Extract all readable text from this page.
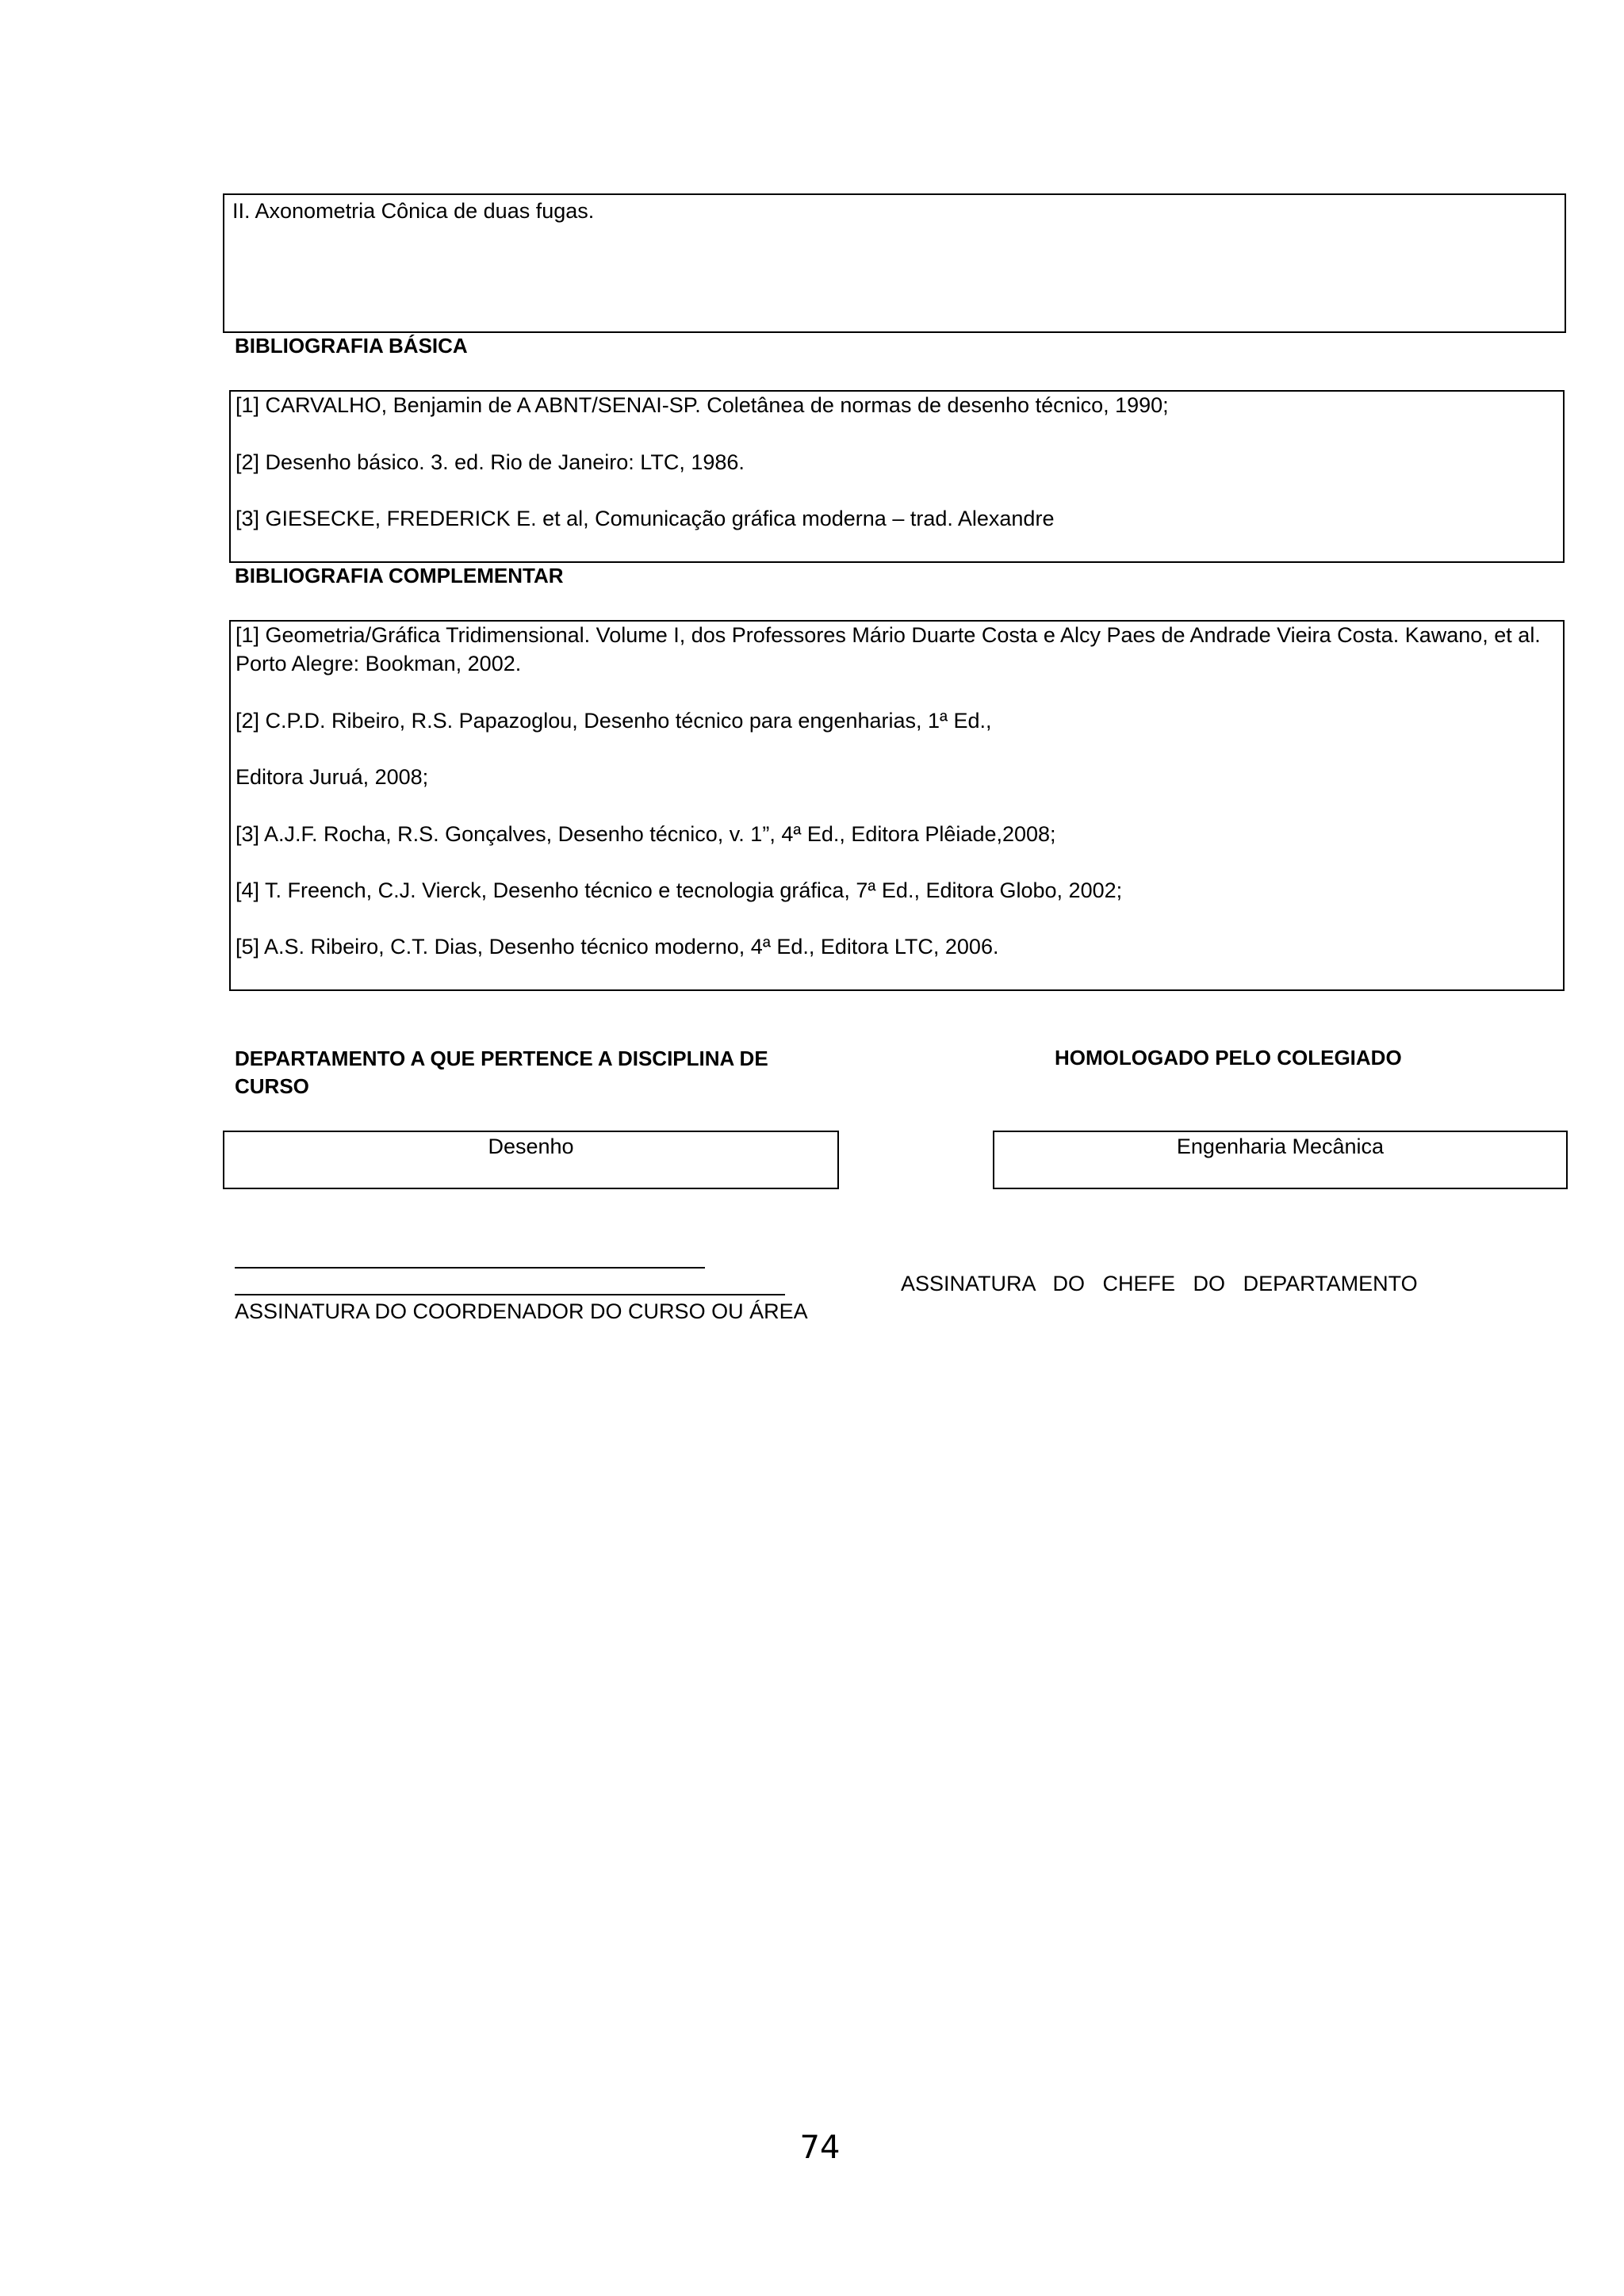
II. Axonometria Cônica de duas fugas.
BIBLIOGRAFIA BÁSICA
[1] CARVALHO, Benjamin de A ABNT/SENAI-SP. Coletânea de normas de desenho técnico, 1990;
[2] Desenho básico. 3. ed. Rio de Janeiro: LTC, 1986.
[3] GIESECKE, FREDERICK E. et al, Comunicação gráfica moderna – trad. Alexandre
BIBLIOGRAFIA COMPLEMENTAR
[1] Geometria/Gráfica Tridimensional. Volume I, dos Professores Mário Duarte Costa e Alcy Paes de Andrade Vieira Costa. Kawano, et al. Porto Alegre: Bookman, 2002.
[2] C.P.D. Ribeiro, R.S. Papazoglou, Desenho técnico para engenharias, 1ª Ed.,
Editora Juruá, 2008;
[3] A.J.F. Rocha, R.S. Gonçalves, Desenho técnico, v. 1”, 4ª Ed., Editora Plêiade,2008;
[4] T. Freench, C.J. Vierck, Desenho técnico e tecnologia gráfica, 7ª Ed., Editora Globo, 2002;
[5] A.S. Ribeiro, C.T. Dias, Desenho técnico moderno, 4ª Ed., Editora LTC, 2006.
DEPARTAMENTO A QUE PERTENCE A DISCIPLINA DE CURSO
HOMOLOGADO PELO COLEGIADO
Desenho	Engenharia Mecânica
ASSINATURA DO COORDENADOR DO CURSO OU ÁREA
ASSINATURA   DO   CHEFE   DO   DEPARTAMENTO
74
